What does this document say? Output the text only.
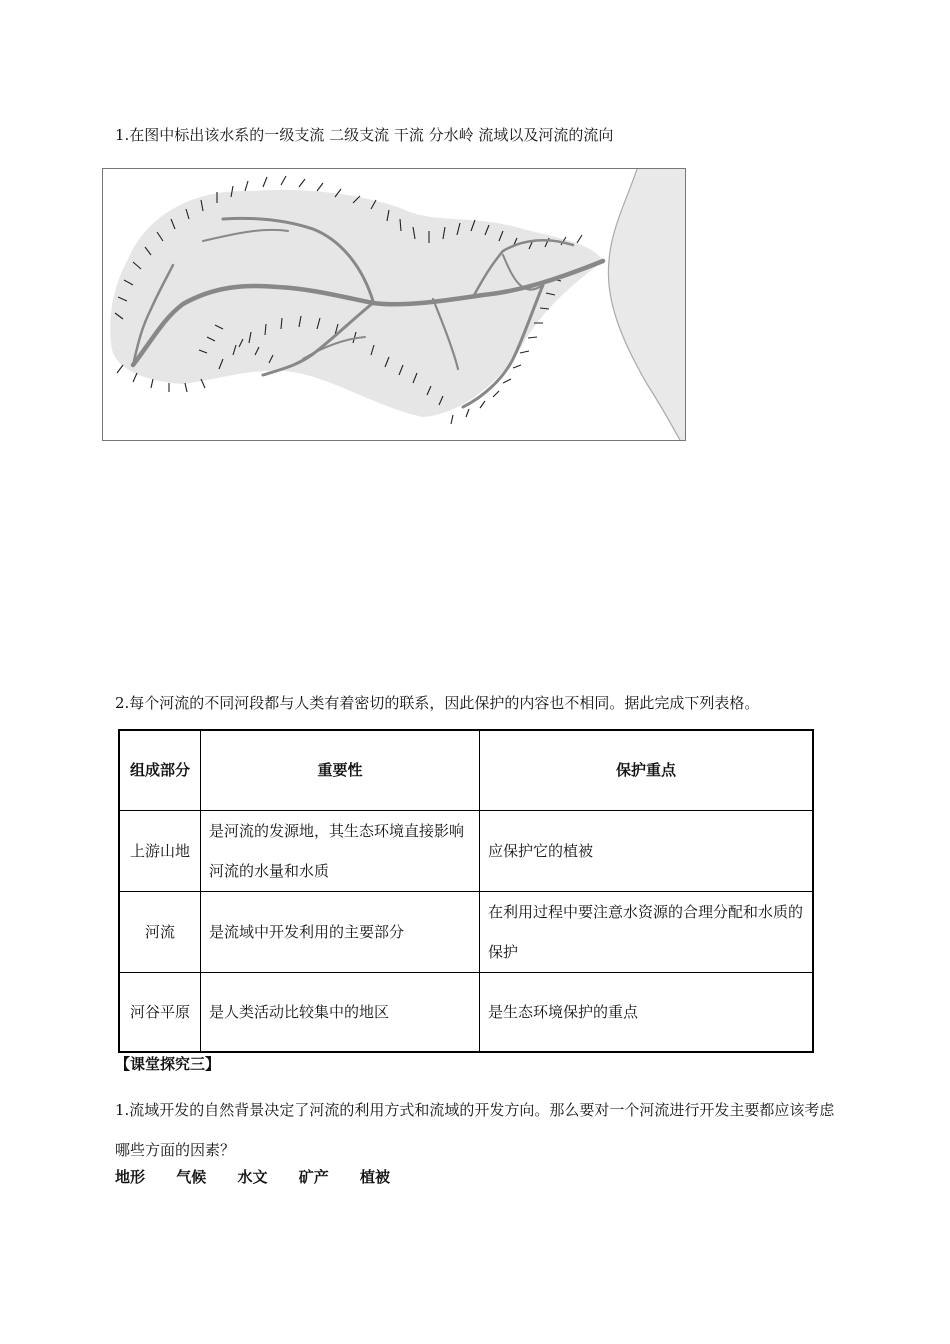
1.在图中标出该水系的一级支流 二级支流 干流 分水岭 流域以及河流的流向
2.每个河流的不同河段都与人类有着密切的联系，因此保护的内容也不相同。据此完成下列表格。
组成部分	重要性	保护重点
上游山地	是河流的发源地，其生态环境直接影响河流的水量和水质	应保护它的植被
河流	是流域中开发利用的主要部分	在利用过程中要注意水资源的合理分配和水质的保护
河谷平原	是人类活动比较集中的地区	是生态环境保护的重点
【课堂探究三】
1.流域开发的自然背景决定了河流的利用方式和流域的开发方向。那么要对一个河流进行开发主要都应该考虑哪些方面的因素？
地形 气候 水文 矿产 植被
